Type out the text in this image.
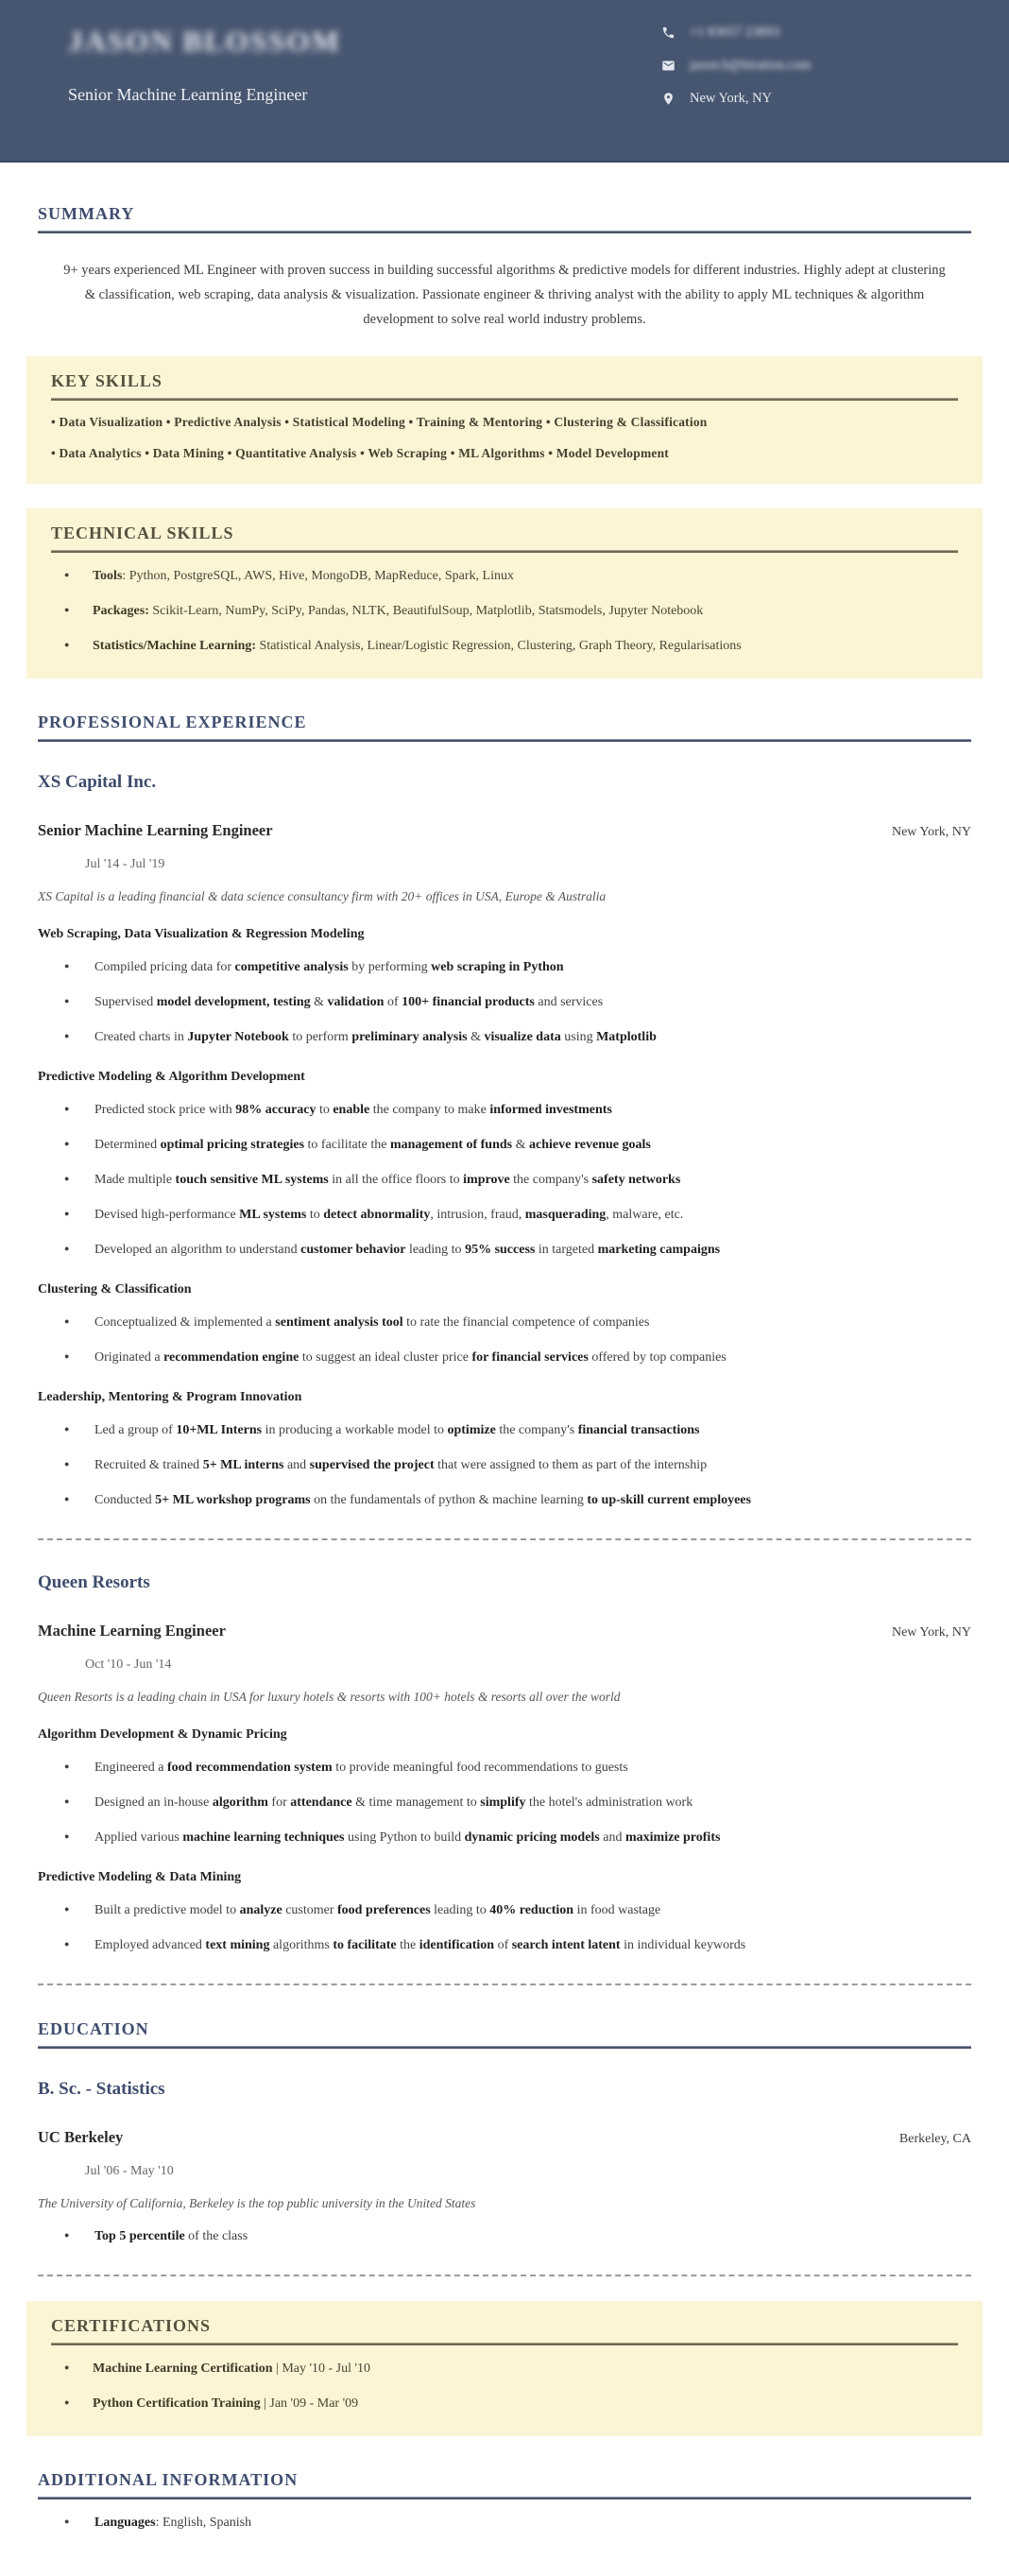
JASON BLOSSOM
Senior Machine Learning Engineer
+1 83657 23893
jason.b@hiration.com
New York, NY
SUMMARY

9+ years experienced ML Engineer with proven success in building successful algorithms & predictive models for different industries. Highly adept at clustering & classification, web scraping, data analysis & visualization. Passionate engineer & thriving analyst with the ability to apply ML techniques & algorithm development to solve real world industry problems.

KEY SKILLS
• Data Visualization • Predictive Analysis • Statistical Modeling • Training & Mentoring • Clustering & Classification
• Data Analytics • Data Mining • Quantitative Analysis • Web Scraping • ML Algorithms • Model Development
TECHNICAL SKILLS
● Tools: Python, PostgreSQL, AWS, Hive, MongoDB, MapReduce, Spark, Linux
● Packages: Scikit-Learn, NumPy, SciPy, Pandas, NLTK, BeautifulSoup, Matplotlib, Statsmodels, Jupyter Notebook
● Statistics/Machine Learning: Statistical Analysis, Linear/Logistic Regression, Clustering, Graph Theory, Regularisations
PROFESSIONAL EXPERIENCE
XS Capital Inc.
Senior Machine Learning Engineer	New York, NY
Jul '14 - Jul '19
XS Capital is a leading financial & data science consultancy firm with 20+ offices in USA, Europe & Australia
Web Scraping, Data Visualization & Regression Modeling
● Compiled pricing data for competitive analysis by performing web scraping in Python
● Supervised model development, testing & validation of 100+ financial products and services
● Created charts in Jupyter Notebook to perform preliminary analysis & visualize data using Matplotlib
Predictive Modeling & Algorithm Development
● Predicted stock price with 98% accuracy to enable the company to make informed investments
● Determined optimal pricing strategies to facilitate the management of funds & achieve revenue goals
● Made multiple touch sensitive ML systems in all the office floors to improve the company's safety networks
● Devised high-performance ML systems to detect abnormality, intrusion, fraud, masquerading, malware, etc.
● Developed an algorithm to understand customer behavior leading to 95% success in targeted marketing campaigns
Clustering & Classification
● Conceptualized & implemented a sentiment analysis tool to rate the financial competence of companies
● Originated a recommendation engine to suggest an ideal cluster price for financial services offered by top companies
Leadership, Mentoring & Program Innovation
● Led a group of 10+ML Interns in producing a workable model to optimize the company's financial transactions
● Recruited & trained 5+ ML interns and supervised the project that were assigned to them as part of the internship
● Conducted 5+ ML workshop programs on the fundamentals of python & machine learning to up-skill current employees
Queen Resorts
Machine Learning Engineer	New York, NY
Oct '10 - Jun '14
Queen Resorts is a leading chain in USA for luxury hotels & resorts with 100+ hotels & resorts all over the world
Algorithm Development & Dynamic Pricing
● Engineered a food recommendation system to provide meaningful food recommendations to guests
● Designed an in-house algorithm for attendance & time management to simplify the hotel's administration work
● Applied various machine learning techniques using Python to build dynamic pricing models and maximize profits
Predictive Modeling & Data Mining
● Built a predictive model to analyze customer food preferences leading to 40% reduction in food wastage
● Employed advanced text mining algorithms to facilitate the identification of search intent latent in individual keywords
EDUCATION
B. Sc. - Statistics
UC Berkeley	Berkeley, CA
Jul '06 - May '10
The University of California, Berkeley is the top public university in the United States
● Top 5 percentile of the class
CERTIFICATIONS
● Machine Learning Certification | May '10 - Jul '10
● Python Certification Training | Jan '09 - Mar '09
ADDITIONAL INFORMATION
● Languages: English, Spanish
